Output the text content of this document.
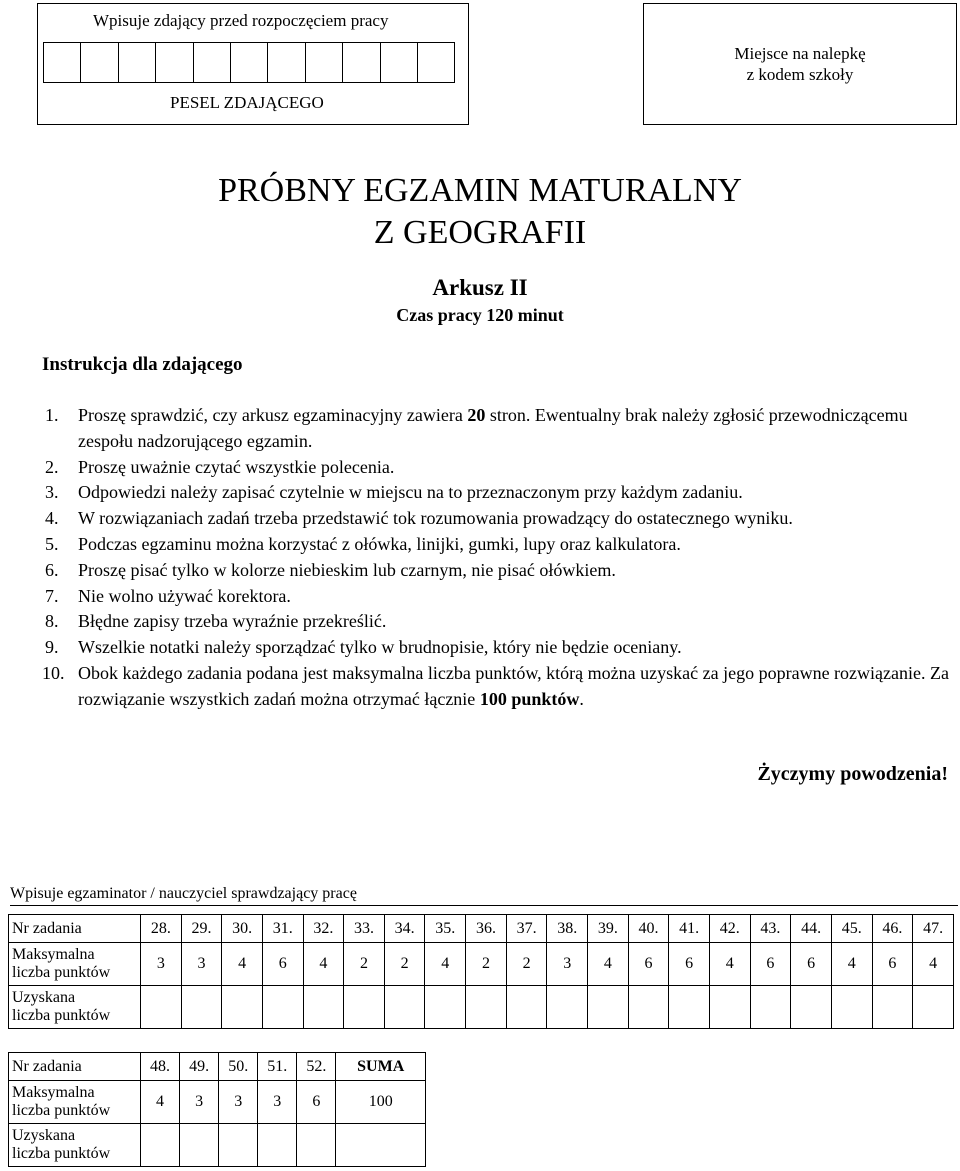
Wpisuje zdający przed rozpoczęciem pracy
PESEL ZDAJĄCEGO
Miejsce na nalepkę
z kodem szkoły
PRÓBNY EGZAMIN MATURALNY
Z GEOGRAFII
Arkusz II
Czas pracy 120 minut
Instrukcja dla zdającego
1. Proszę sprawdzić, czy arkusz egzaminacyjny zawiera 20 stron. Ewentualny brak należy zgłosić przewodniczącemu zespołu nadzorującego egzamin.
2. Proszę uważnie czytać wszystkie polecenia.
3. Odpowiedzi należy zapisać czytelnie w miejscu na to przeznaczonym przy każdym zadaniu.
4. W rozwiązaniach zadań trzeba przedstawić tok rozumowania prowadzący do ostatecznego wyniku.
5. Podczas egzaminu można korzystać z ołówka, linijki, gumki, lupy oraz kalkulatora.
6. Proszę pisać tylko w kolorze niebieskim lub czarnym, nie pisać ołówkiem.
7. Nie wolno używać korektora.
8. Błędne zapisy trzeba wyraźnie przekreślić.
9. Wszelkie notatki należy sporządzać tylko w brudnopisie, który nie będzie oceniany.
10. Obok każdego zadania podana jest maksymalna liczba punktów, którą można uzyskać za jego poprawne rozwiązanie. Za rozwiązanie wszystkich zadań można otrzymać łącznie 100 punktów.
Życzymy powodzenia!
Wpisuje egzaminator / nauczyciel sprawdzający pracę
Nr zadania	28.	29.	30.	31.	32.	33.	34.	35.	36.	37.	38.	39.	40.	41.	42.	43.	44.	45.	46.	47.
Maksymalna
liczba punktów	3	3	4	6	4	2	2	4	2	2	3	4	6	6	4	6	6	4	6	4
Uzyskana
liczba punktów																				
Nr zadania	48.	49.	50.	51.	52.	SUMA
Maksymalna
liczba punktów	4	3	3	3	6	100
Uzyskana
liczba punktów						
